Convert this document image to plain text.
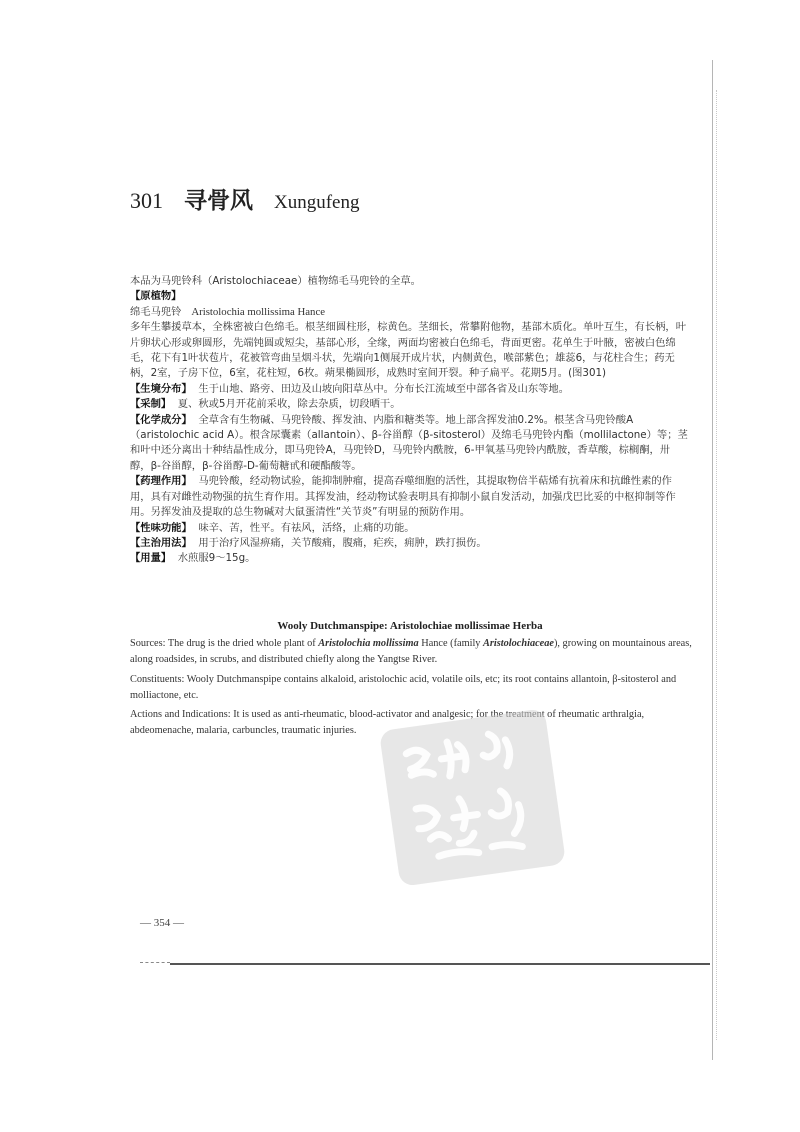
301 寻骨风 Xungufeng

本品为马兜铃科（Aristolochiaceae）植物绵毛马兜铃的全草。

【原植物】

绵毛马兜铃 Aristolochia mollissima Hance

多年生攀援草本，全株密被白色绵毛。根茎细圆柱形，棕黄色。茎细长，常攀附他物，基部木质化。单叶互生，有长柄，叶片卵状心形或卵圆形，先端钝圆或短尖，基部心形，全缘，两面均密被白色绵毛，背面更密。花单生于叶腋，密被白色绵毛，花下有1叶状苞片，花被管弯曲呈烟斗状，先端向1侧展开成片状，内侧黄色，喉部紫色；雄蕊6，与花柱合生；药无柄，2室，子房下位，6室，花柱短，6枚。蒴果椭圆形，成熟时室间开裂。种子扁平。花期5月。(图301)

【生境分布】 生于山地、路旁、田边及山坡向阳草丛中。分布长江流域至中部各省及山东等地。

【采制】 夏、秋或5月开花前采收，除去杂质，切段晒干。

【化学成分】 全草含有生物碱、马兜铃酸、挥发油、内脂和糖类等。地上部含挥发油0.2%。根茎含马兜铃酸A（aristolochic acid A）。根含尿囊素（allantoin）、β-谷甾醇（β-sitosterol）及绵毛马兜铃内酯（mollilactone）等；茎和叶中还分离出十种结晶性成分，即马兜铃A，马兜铃D，马兜铃内酰胺，6-甲氧基马兜铃内酰胺，香草酸，棕榈酮，卅醇，β-谷甾醇，β-谷甾醇-D-葡萄糖甙和硬酯酸等。

【药理作用】 马兜铃酸，经动物试验，能抑制肿瘤，提高吞噬细胞的活性，其提取物倍半萜烯有抗着床和抗雌性素的作用，具有对雌性动物强的抗生育作用。其挥发油，经动物试验表明具有抑制小鼠自发活动，加强戊巴比妥的中枢抑制等作用。另挥发油及提取的总生物碱对大鼠蛋清性“关节炎”有明显的预防作用。

【性味功能】 味辛、苦，性平。有祛风，活络，止痛的功能。

【主治用法】 用于治疗风湿痹痛，关节酸痛，腹痛，疟疾，痈肿，跌打损伤。

【用量】 水煎服9～15g。

Wooly Dutchmanspipe: Aristolochiae mollissimae Herba

Sources: The drug is the dried whole plant of Aristolochia mollissima Hance (family Aristolochiaceae), growing on mountainous areas, along roadsides, in scrubs, and distributed chiefly along the Yangtse River.

Constituents: Wooly Dutchmanspipe contains alkaloid, aristolochic acid, volatile oils, etc; its root contains allantoin, β-sitosterol and molliactone, etc.

Actions and Indications: It is used as anti-rheumatic, blood-activator and analgesic; for the treatment of rheumatic arthralgia, abdeomenache, malaria, carbuncles, traumatic injuries.

— 354 —
